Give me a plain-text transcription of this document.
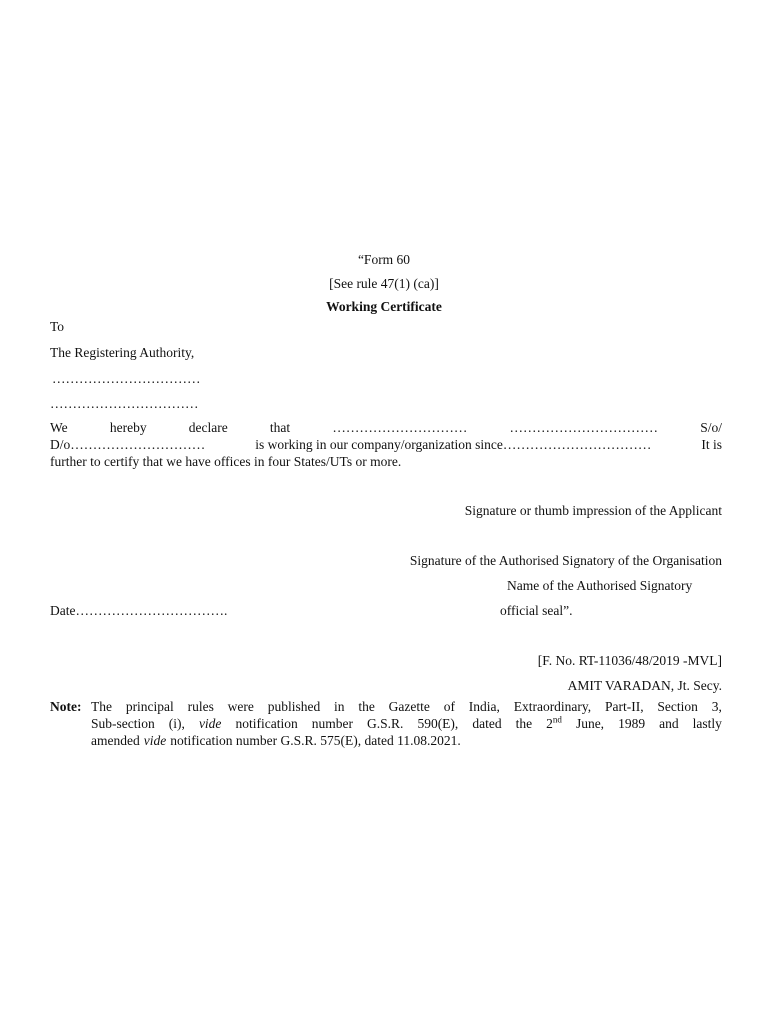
“Form 60
[See rule 47(1) (ca)]
Working Certificate
To
The Registering Authority,
……………………………
……………………………
We	hereby	declare	that	…………………………	……………………………	S/o/
D/o…………………………	is working in our company/organization since……………………………	It is
further to certify that we have offices in four States/UTs or more.
Signature or thumb impression of the Applicant
Signature of the Authorised Signatory of the Organisation
Name of the Authorised Signatory
Date…………………………….	official seal”.
[F. No. RT-11036/48/2019 -MVL]
AMIT VARADAN, Jt. Secy.
Note: The principal rules were published in the Gazette of India, Extraordinary, Part-II, Section 3,
Sub-section (i), vide notification number G.S.R. 590(E), dated the 2nd June, 1989 and lastly
amended vide notification number G.S.R. 575(E), dated 11.08.2021.
